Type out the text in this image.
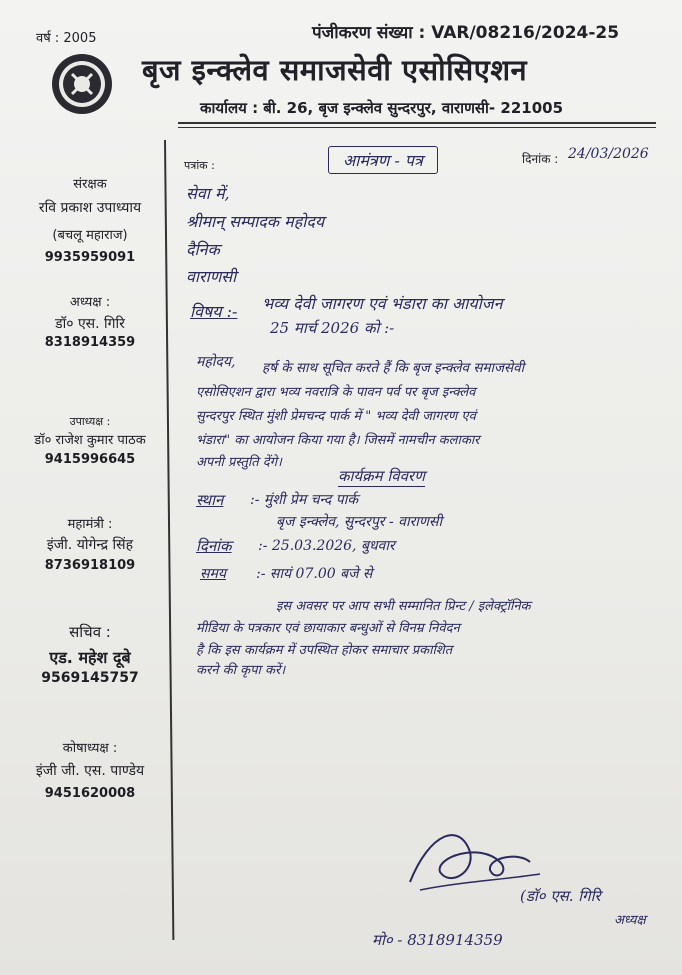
वर्ष : 2005	पंजीकरण संख्या : VAR/08216/2024-25
बृज इन्क्लेव समाजसेवी एसोसिएशन
कार्यालय : बी. 26, बृज इन्क्लेव सुन्दरपुर, वाराणसी- 221005
संरक्षक
रवि प्रकाश उपाध्याय
(बचलू महाराज)
9935959091
अध्यक्ष :
डॉ० एस. गिरि
8318914359
उपाध्यक्ष :
डॉ० राजेश कुमार पाठक
9415996645
महामंत्री :
इंजी. योगेन्द्र सिंह
8736918109
सचिव :
एड. महेश दूबे
9569145757
कोषाध्यक्ष :
इंजी जी. एस. पाण्डेय
9451620008
पत्रांक :	आमंत्रण - पत्र	दिनांक : 24/03/2026
सेवा में,
श्रीमान् सम्पादक महोदय
दैनिक
वाराणसी
विषय :- भव्य देवी जागरण एवं भंडारा का आयोजन
25 मार्च 2026 को :-
महोदय, हर्ष के साथ सूचित करते हैं कि बृज इन्क्लेव समाजसेवी
एसोसिएशन द्वारा भव्य नवरात्रि के पावन पर्व पर बृज इन्क्लेव
सुन्दरपुर स्थित मुंशी प्रेमचन्द पार्क में " भव्य देवी जागरण एवं
भंडारा" का आयोजन किया गया है। जिसमें नामचीन कलाकार
अपनी प्रस्तुति देंगे।
कार्यक्रम विवरण
स्थान :- मुंशी प्रेम चन्द पार्क
बृज इन्क्लेव, सुन्दरपुर - वाराणसी
दिनांक :- 25.03.2026, बुधवार
समय :- सायं 07.00 बजे से
इस अवसर पर आप सभी सम्मानित प्रिन्ट / इलेक्ट्रॉनिक
मीडिया के पत्रकार एवं छायाकार बन्धुओं से विनम्र निवेदन
है कि इस कार्यक्रम में उपस्थित होकर समाचार प्रकाशित
करने की कृपा करें।
(डॉ० एस. गिरि
अध्यक्ष
मो० - 8318914359
